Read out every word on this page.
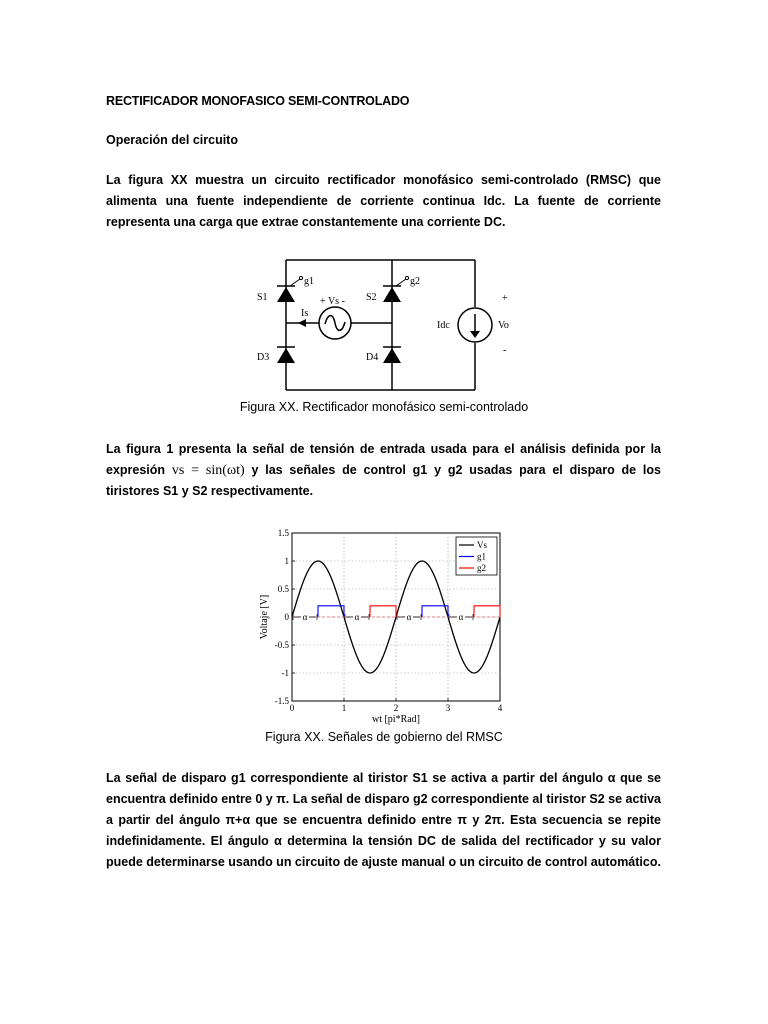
RECTIFICADOR MONOFASICO SEMI-CONTROLADO
Operación del circuito
La figura XX muestra un circuito rectificador monofásico semi-controlado (RMSC) que alimenta una fuente independiente de corriente continua Idc. La fuente de corriente representa una carga que extrae constantemente una corriente DC.
S1
g1
S2
g2
D3	D4
+ Vs -
Is
Idc	Vo
+
-
Figura XX. Rectificador monofásico semi-controlado
La figura 1 presenta la señal de tensión de entrada usada para el análisis definida por la expresión vs = sin(ωt) y las señales de control g1 y g2 usadas para el disparo de los tiristores S1 y S2 respectivamente.
0	1	2	3	4
1.5
1
0.5
0
-0.5
-1
-1.5
α	α	α	α
Vs
g1
g2
wt [pi*Rad]
Voltaje [V]
Figura XX. Señales de gobierno del RMSC
La señal de disparo g1 correspondiente al tiristor S1 se activa a partir del ángulo α que se encuentra definido entre 0 y π. La señal de disparo g2 correspondiente al tiristor S2 se activa a partir del ángulo π+α que se encuentra definido entre π y 2π. Esta secuencia se repite indefinidamente. El ángulo α determina la tensión DC de salida del rectificador y su valor puede determinarse usando un circuito de ajuste manual o un circuito de control automático.
